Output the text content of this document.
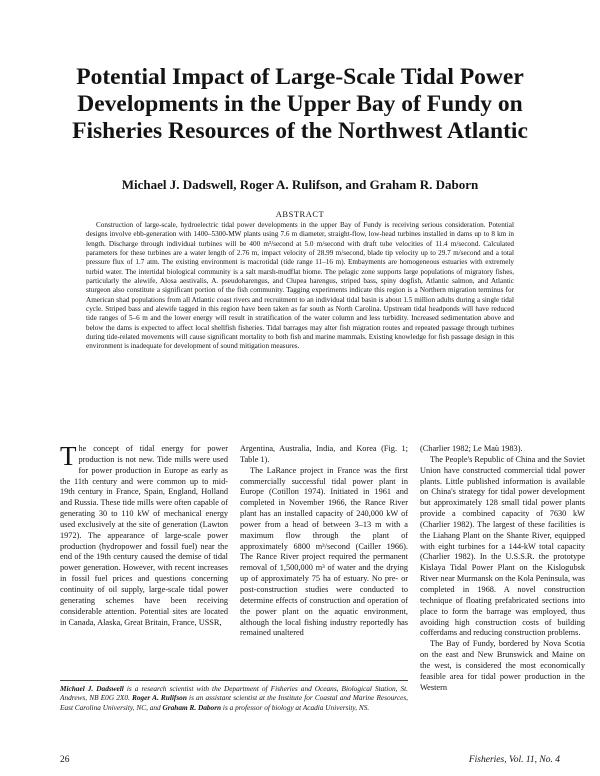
Potential Impact of Large-Scale Tidal Power Developments in the Upper Bay of Fundy on Fisheries Resources of the Northwest Atlantic

Michael J. Dadswell, Roger A. Rulifson, and Graham R. Daborn

ABSTRACT

Construction of large-scale, hydroelectric tidal power developments in the upper Bay of Fundy is receiving serious consideration. Potential designs involve ebb-generation with 1400–5300-MW plants using 7.6 m diameter, straight-flow, low-head turbines installed in dams up to 8 km in length. Discharge through individual turbines will be 400 m³/second at 5.0 m/second with draft tube velocities of 11.4 m/second. Calculated parameters for these turbines are a water length of 2.76 m, impact velocity of 28.99 m/second, blade tip velocity up to 29.7 m/second and a total pressure flux of 1.7 atm. The existing environment is macrotidal (tide range 11–16 m). Embayments are homogeneous estuaries with extremely turbid water. The intertidal biological community is a salt marsh-mudflat biome. The pelagic zone supports large populations of migratory fishes, particularly the alewife, Alosa aestivalis, A. pseudoharengus, and Clupea harengus, striped bass, spiny dogfish, Atlantic salmon, and Atlantic sturgeon also constitute a significant portion of the fish community. Tagging experiments indicate this region is a Northern migration terminus for American shad populations from all Atlantic coast rivers and recruitment to an individual tidal basin is about 1.5 million adults during a single tidal cycle. Striped bass and alewife tagged in this region have been taken as far south as North Carolina. Upstream tidal headponds will have reduced tide ranges of 5–6 m and the lower energy will result in stratification of the water column and less turbidity. Increased sedimentation above and below the dams is expected to affect local shellfish fisheries. Tidal barrages may alter fish migration routes and repeated passage through turbines during tide-related movements will cause significant mortality to both fish and marine mammals. Existing knowledge for fish passage design in this environment is inadequate for development of sound mitigation measures.

The concept of tidal energy for power production is not new. Tide mills were used for power production in Europe as early as the 11th century and were common up to mid-19th century in France, Spain, England, Holland and Russia. These tide mills were often capable of generating 30 to 110 kW of mechanical energy used exclusively at the site of generation (Lawton 1972). The appearance of large-scale power production (hydropower and fossil fuel) near the end of the 19th century caused the demise of tidal power generation. However, with recent increases in fossil fuel prices and questions concerning continuity of oil supply, large-scale tidal power generating schemes have been receiving considerable attention. Potential sites are located in Canada, Alaska, Great Britain, France, USSR,

Argentina, Australia, India, and Korea (Fig. 1; Table 1).

The LaRance project in France was the first commercially successful tidal power plant in Europe (Cotillon 1974). Initiated in 1961 and completed in November 1966, the Rance River plant has an installed capacity of 240,000 kW of power from a head of between 3–13 m with a maximum flow through the plant of approximately 6800 m³/second (Cailler 1966). The Rance River project required the permanent removal of 1,500,000 m³ of water and the drying up of approximately 75 ha of estuary. No pre- or post-construction studies were conducted to determine effects of construction and operation of the power plant on the aquatic environment, although the local fishing industry reportedly has remained unaltered

(Charlier 1982; Le Maù 1983).

The People's Republic of China and the Soviet Union have constructed commercial tidal power plants. Little published information is available on China's strategy for tidal power development but approximately 128 small tidal power plants provide a combined capacity of 7630 kW (Charlier 1982). The largest of these facilities is the Liahang Plant on the Shante River, equipped with eight turbines for a 144-kW total capacity (Charlier 1982). In the U.S.S.R. the prototype Kislaya Tidal Power Plant on the Kislogubsk River near Murmansk on the Kola Peninsula, was completed in 1968. A novel construction technique of floating prefabricated sections into place to form the barrage was employed, thus avoiding high construction costs of building cofferdams and reducing construction problems.

The Bay of Fundy, bordered by Nova Scotia on the east and New Brunswick and Maine on the west, is considered the most economically feasible area for tidal power production in the Western

Michael J. Dadswell is a research scientist with the Department of Fisheries and Oceans, Biological Station, St. Andrews, NB E0G 2X0. Roger A. Rulifson is an assistant scientist at the Institute for Coastal and Marine Resources, East Carolina University, NC, and Graham R. Daborn is a professor of biology at Acadia University, NS.

26	Fisheries, Vol. 11, No. 4
